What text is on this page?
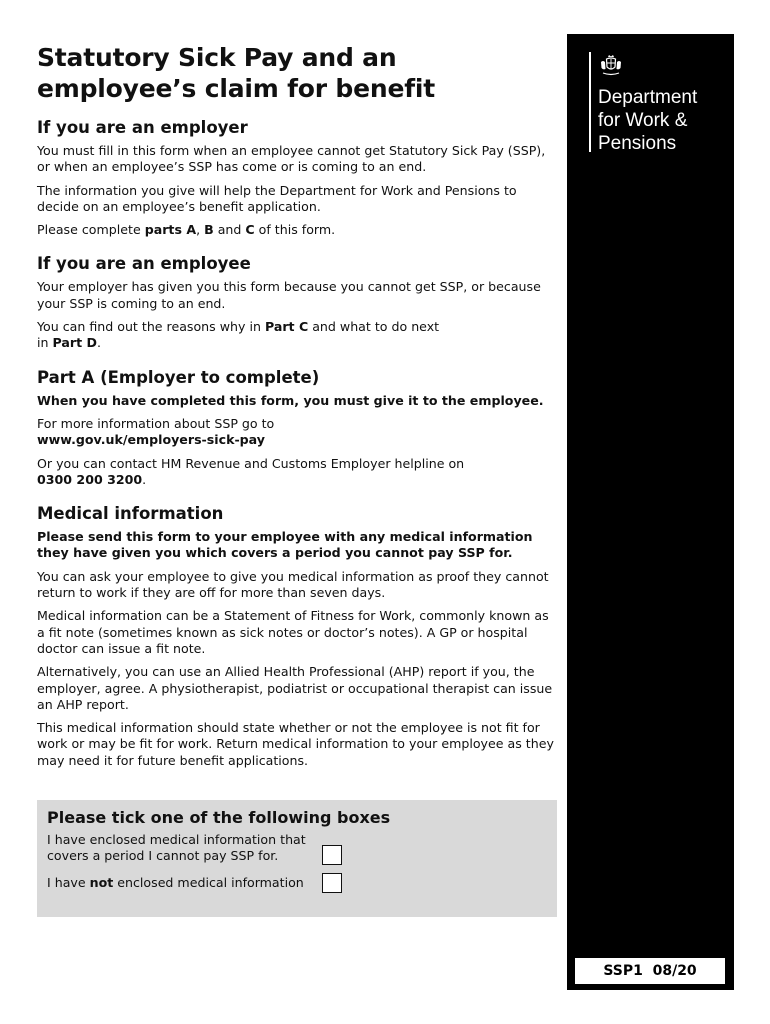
Statutory Sick Pay and an
employee’s claim for benefit
If you are an employer
You must fill in this form when an employee cannot get Statutory Sick Pay (SSP), or when an employee’s SSP has come or is coming to an end.
The information you give will help the Department for Work and Pensions to decide on an employee’s benefit application.
Please complete parts A, B and C of this form.
If you are an employee
Your employer has given you this form because you cannot get SSP, or because your SSP is coming to an end.
You can find out the reasons why in Part C and what to do next
in Part D.
Part A (Employer to complete)
When you have completed this form, you must give it to the employee.
For more information about SSP go to
www.gov.uk/employers-sick-pay
Or you can contact HM Revenue and Customs Employer helpline on
0300 200 3200.
Medical information
Please send this form to your employee with any medical information they have given you which covers a period you cannot pay SSP for.
You can ask your employee to give you medical information as proof they cannot return to work if they are off for more than seven days.
Medical information can be a Statement of Fitness for Work, commonly known as a fit note (sometimes known as sick notes or doctor’s notes). A GP or hospital doctor can issue a fit note.
Alternatively, you can use an Allied Health Professional (AHP) report if you, the employer, agree. A physiotherapist, podiatrist or occupational therapist can issue an AHP report.
This medical information should state whether or not the employee is not fit for work or may be fit for work. Return medical information to your employee as they may need it for future benefit applications.
Please tick one of the following boxes
I have enclosed medical information that covers a period I cannot pay SSP for.
I have not enclosed medical information
Department
for Work &
Pensions
SSP1  08/20
